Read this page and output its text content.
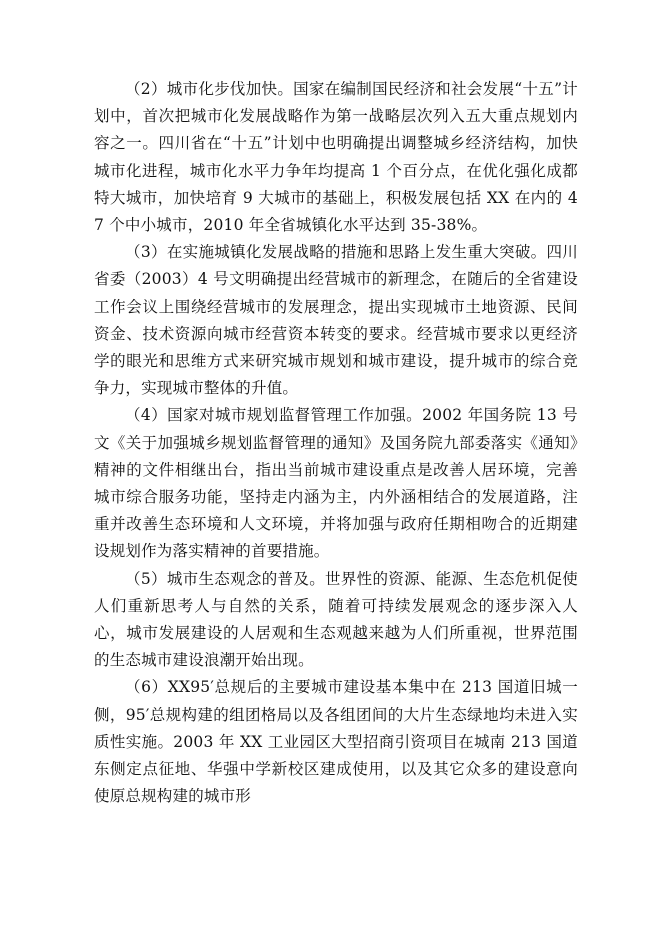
（2）城市化步伐加快。国家在编制国民经济和社会发展“十五”计划中，首次把城市化发展战略作为第一战略层次列入五大重点规划内容之一。四川省在“十五”计划中也明确提出调整城乡经济结构，加快城市化进程，城市化水平力争年均提高 1 个百分点，在优化强化成都特大城市，加快培育 9 大城市的基础上，积极发展包括 XX 在内的 47 个中小城市，2010 年全省城镇化水平达到 35-38%。

（3）在实施城镇化发展战略的措施和思路上发生重大突破。四川省委（2003）4 号文明确提出经营城市的新理念，在随后的全省建设工作会议上围绕经营城市的发展理念，提出实现城市土地资源、民间资金、技术资源向城市经营资本转变的要求。经营城市要求以更经济学的眼光和思维方式来研究城市规划和城市建设，提升城市的综合竞争力，实现城市整体的升值。

（4）国家对城市规划监督管理工作加强。2002 年国务院 13 号文《关于加强城乡规划监督管理的通知》及国务院九部委落实《通知》精神的文件相继出台，指出当前城市建设重点是改善人居环境，完善城市综合服务功能，坚持走内涵为主，内外涵相结合的发展道路，注重并改善生态环境和人文环境，并将加强与政府任期相吻合的近期建设规划作为落实精神的首要措施。

（5）城市生态观念的普及。世界性的资源、能源、生态危机促使人们重新思考人与自然的关系，随着可持续发展观念的逐步深入人心，城市发展建设的人居观和生态观越来越为人们所重视，世界范围的生态城市建设浪潮开始出现。

（6）XX95′总规后的主要城市建设基本集中在 213 国道旧城一侧，95′总规构建的组团格局以及各组团间的大片生态绿地均未进入实质性实施。2003 年 XX 工业园区大型招商引资项目在城南 213 国道东侧定点征地、华强中学新校区建成使用，以及其它众多的建设意向使原总规构建的城市形
